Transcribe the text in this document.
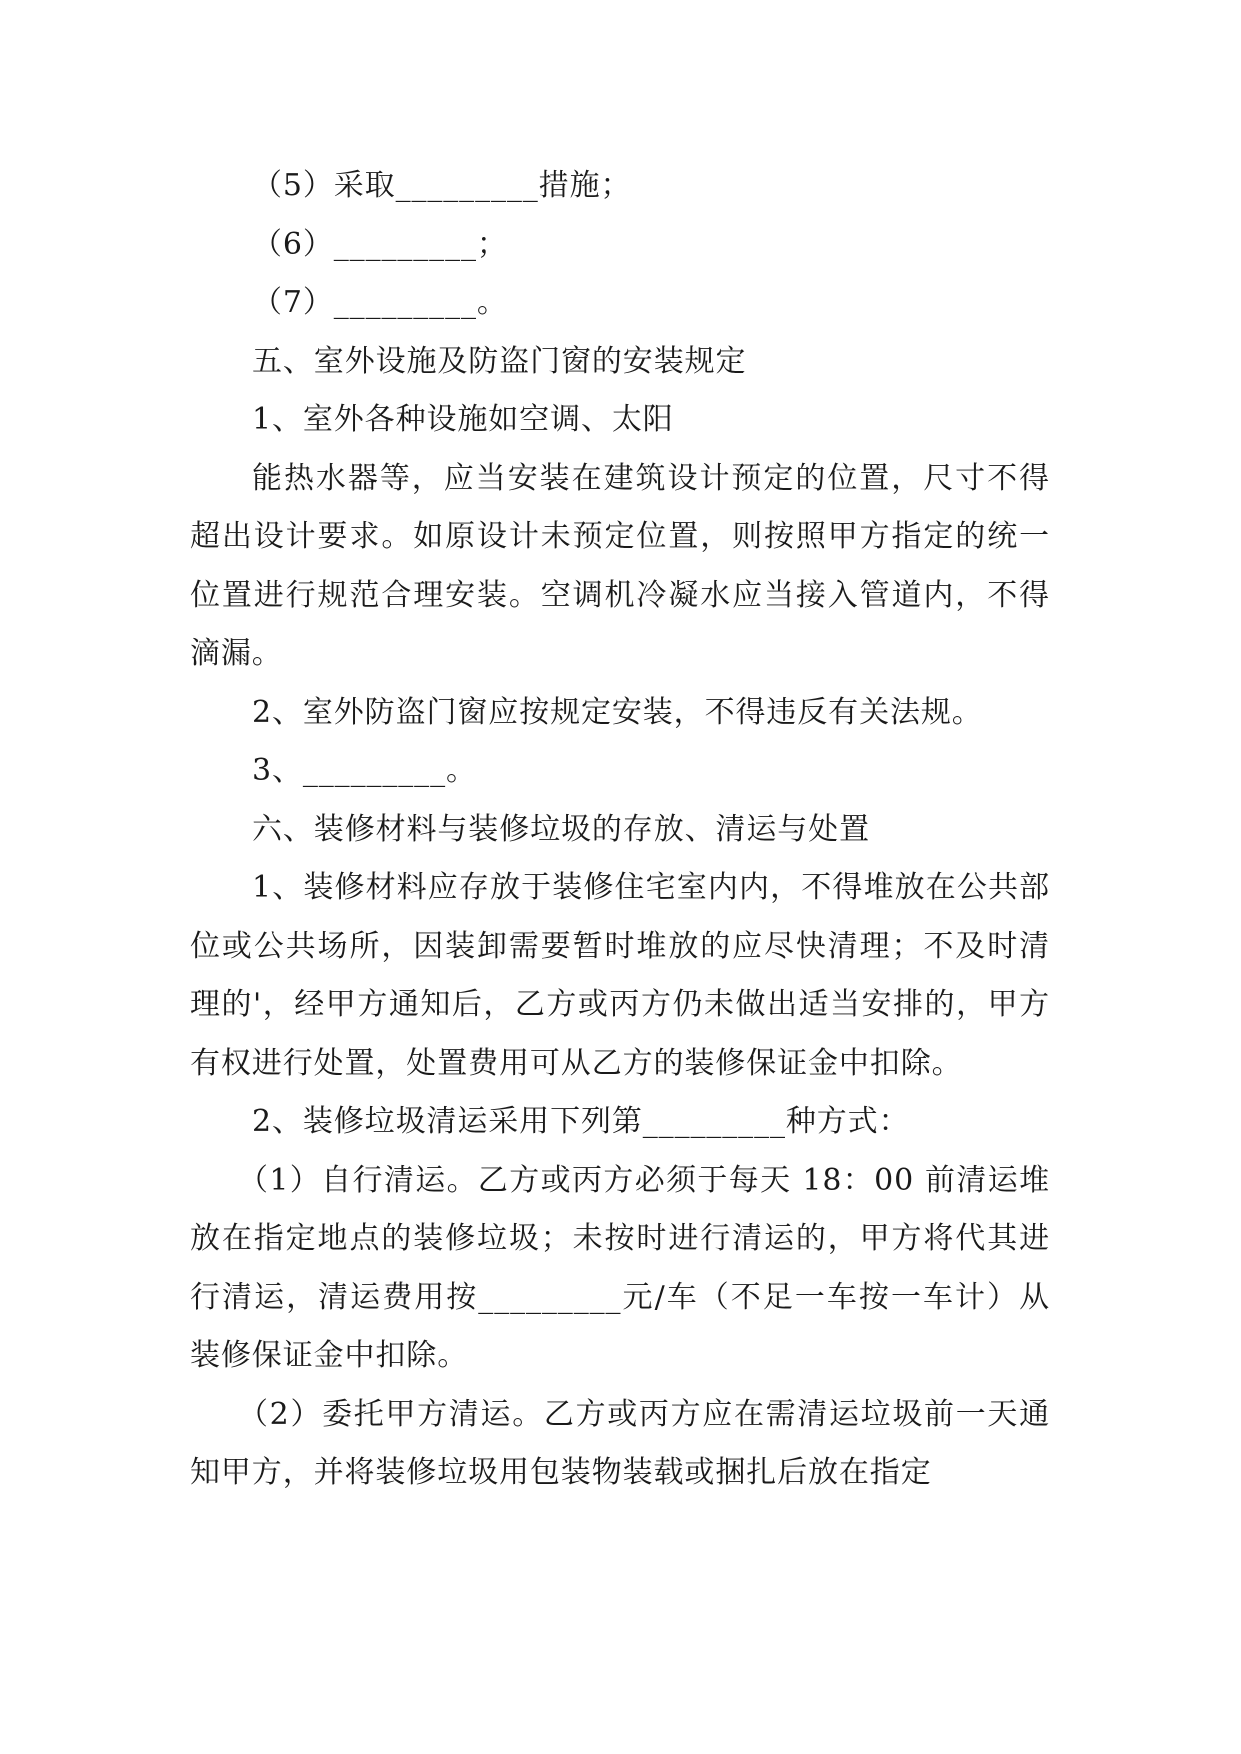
（5）采取_________措施；

（6）_________；

（7）_________。

五、室外设施及防盗门窗的安装规定

1、室外各种设施如空调、太阳

能热水器等，应当安装在建筑设计预定的位置，尺寸不得超出设计要求。如原设计未预定位置，则按照甲方指定的统一位置进行规范合理安装。空调机冷凝水应当接入管道内，不得滴漏。

2、室外防盗门窗应按规定安装，不得违反有关法规。

3、_________。

六、装修材料与装修垃圾的存放、清运与处置

1、装修材料应存放于装修住宅室内内，不得堆放在公共部位或公共场所，因装卸需要暂时堆放的应尽快清理；不及时清理的'，经甲方通知后，乙方或丙方仍未做出适当安排的，甲方有权进行处置，处置费用可从乙方的装修保证金中扣除。

2、装修垃圾清运采用下列第_________种方式：

（1）自行清运。乙方或丙方必须于每天 18：00 前清运堆放在指定地点的装修垃圾；未按时进行清运的，甲方将代其进行清运，清运费用按_________元/车（不足一车按一车计）从装修保证金中扣除。

（2）委托甲方清运。乙方或丙方应在需清运垃圾前一天通知甲方，并将装修垃圾用包装物装载或捆扎后放在指定
